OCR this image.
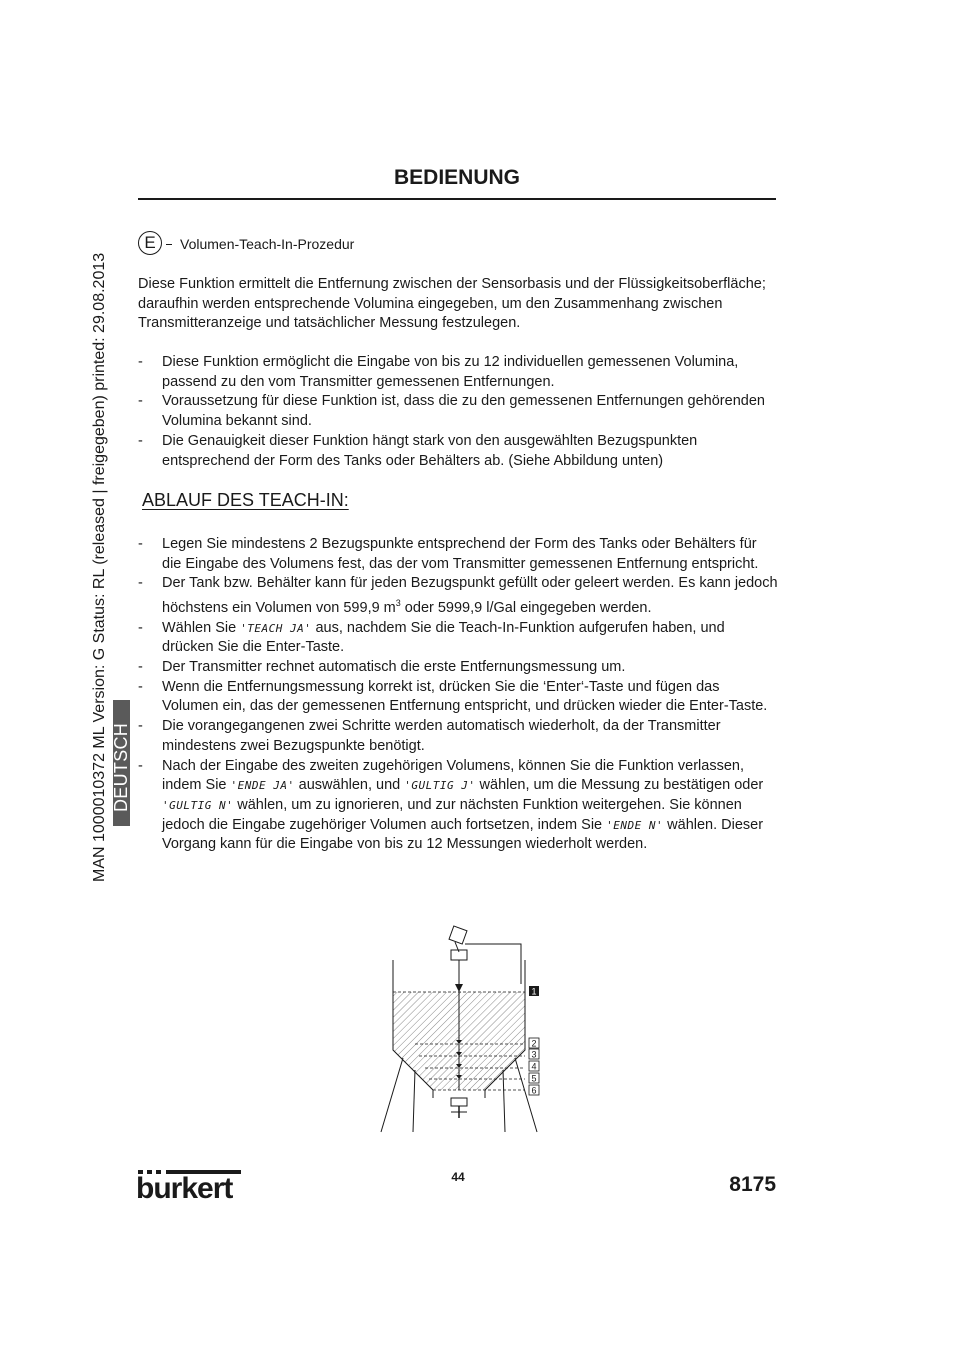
MAN 1000010372 ML Version: G Status: RL (released | freigegeben) printed: 29.08.2013 DEUTSCH
BEDIENUNG
E	Volumen-Teach-In-Prozedur

Diese Funktion ermittelt die Entfernung zwischen der Sensorbasis und der Flüssigkeitsoberfläche; daraufhin werden entsprechende Volumina eingegeben, um den Zusammenhang zwischen Transmitteranzeige und tatsächlicher Messung festzulegen.

- Diese Funktion ermöglicht die Eingabe von bis zu 12 individuellen gemessenen Volumina, passend zu den vom Transmitter gemessenen Entfernungen.
- Voraussetzung für diese Funktion ist, dass die zu den gemessenen Entfernungen gehörenden Volumina bekannt sind.
- Die Genauigkeit dieser Funktion hängt stark von den ausgewählten Bezugspunkten entsprechend der Form des Tanks oder Behälters ab. (Siehe Abbildung unten)
ABLAUF DES TEACH-IN:
- Legen Sie mindestens 2 Bezugspunkte entsprechend der Form des Tanks oder Behälters für die Eingabe des Volumens fest, das der vom Transmitter gemessenen Entfernung entspricht.
- Der Tank bzw. Behälter kann für jeden Bezugspunkt gefüllt oder geleert werden. Es kann jedoch höchstens ein Volumen von 599,9 $m^3$ oder 5999,9 l/Gal eingegeben werden.
- Wählen Sie 'TEACH JA' aus, nachdem Sie die Teach-In-Funktion aufgerufen haben, und drücken Sie die Enter-Taste.
- Der Transmitter rechnet automatisch die erste Entfernungsmessung um.
- Wenn die Entfernungsmessung korrekt ist, drücken Sie die ‘Enter‘-Taste und fügen das Volumen ein, das der gemessenen Entfernung entspricht, und drücken wieder die Enter-Taste.
- Die vorangegangenen zwei Schritte werden automatisch wiederholt, da der Transmitter mindestens zwei Bezugspunkte benötigt.
- Nach der Eingabe des zweiten zugehörigen Volumens, können Sie die Funktion verlassen, indem Sie 'ENDE JA' auswählen, und 'GULTIG J' wählen, um die Messung zu bestätigen oder 'GULTIG N' wählen, um zu ignorieren, und zur nächsten Funktion weitergehen. Sie können jedoch die Eingabe zugehöriger Volumen auch fortsetzen, indem Sie 'ENDE N' wählen. Dieser Vorgang kann für die Eingabe von bis zu 12 Messungen wiederholt werden.
1
2
3
4
5
6
burkert	44	8175
